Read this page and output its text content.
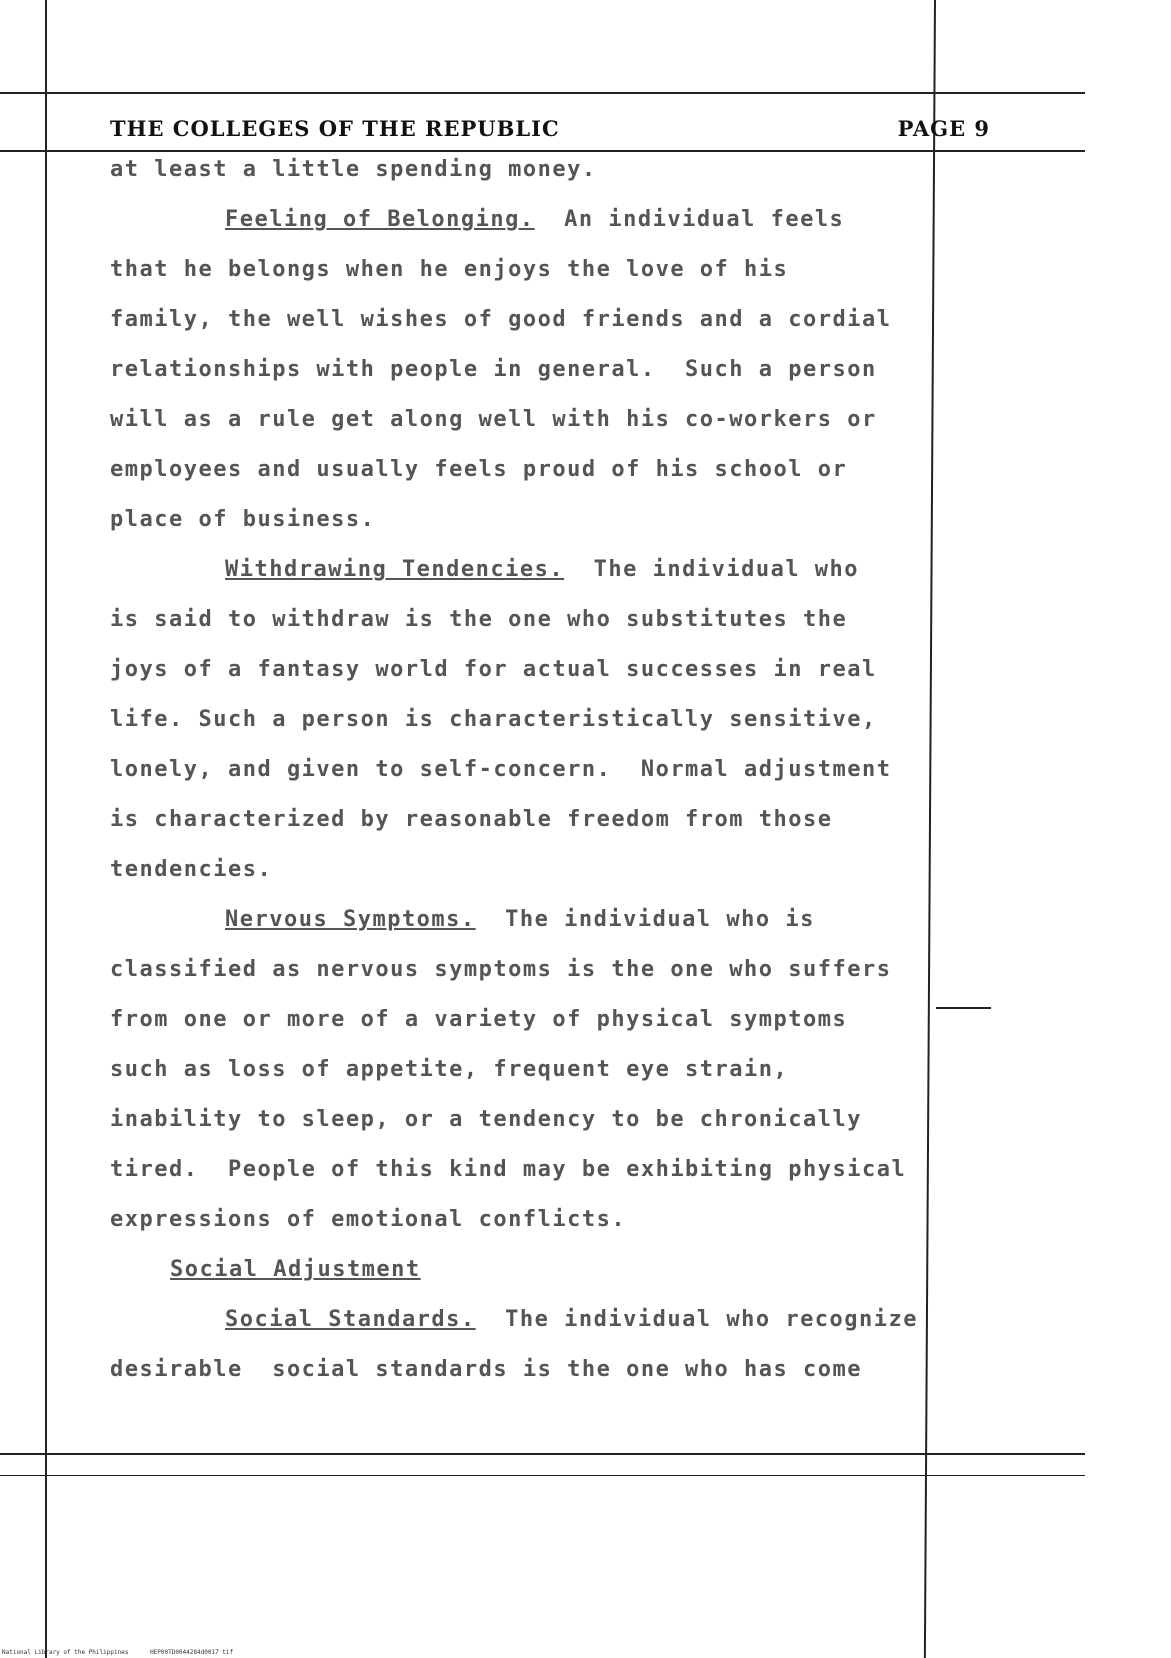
THE COLLEGES OF THE REPUBLIC	PAGE 9
at least a little spending money.
Feeling of Belonging.  An individual feels
that he belongs when he enjoys the love of his
family, the well wishes of good friends and a cordial
relationships with people in general.  Such a person
will as a rule get along well with his co-workers or
employees and usually feels proud of his school or
place of business.
Withdrawing Tendencies.  The individual who
is said to withdraw is the one who substitutes the
joys of a fantasy world for actual successes in real
life. Such a person is characteristically sensitive,
lonely, and given to self-concern.  Normal adjustment
is characterized by reasonable freedom from those
tendencies.
Nervous Symptoms.  The individual who is
classified as nervous symptoms is the one who suffers
from one or more of a variety of physical symptoms
such as loss of appetite, frequent eye strain,
inability to sleep, or a tendency to be chronically
tired.  People of this kind may be exhibiting physical
expressions of emotional conflicts.
Social Adjustment
Social Standards.  The individual who recognize
desirable  social standards is the one who has come
National Library of the Philippines	HEP00TD0044284d0017 tif
